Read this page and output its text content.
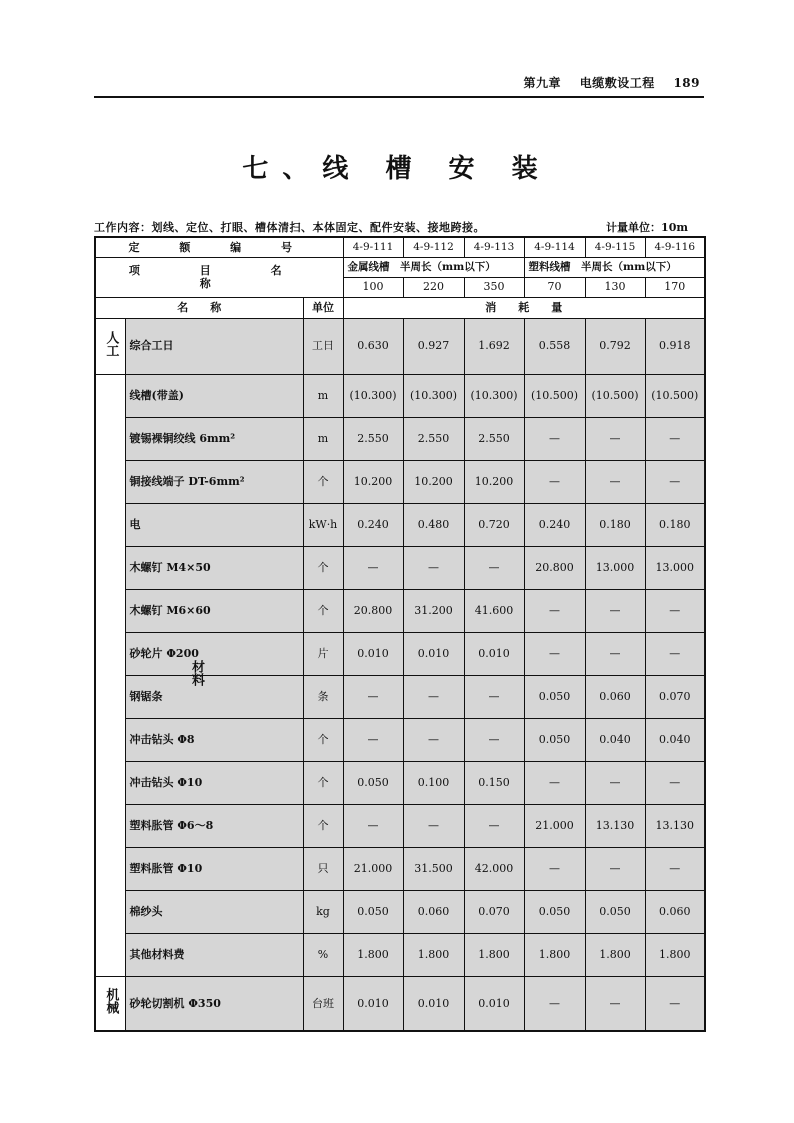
第九章 电缆敷设工程 189
七、线 槽 安 装
工作内容：划线、定位、打眼、槽体清扫、本体固定、配件安装、接地跨接。	计量单位：10m
定 额 编 号			4-9-111	4-9-112	4-9-113	4-9-114	4-9-115	4-9-116
项 目 名 称			金属线槽　半周长（mm以下）			塑料线槽　半周长（mm以下）		
			100	220	350	70	130	170
名　　称		单位	消　　耗　　量					
人工	综合工日	工日	0.630	0.927	1.692	0.558	0.792	0.918
材料	线槽(带盖)	m	(10.300)	(10.300)	(10.300)	(10.500)	(10.500)	(10.500)
	镀锡裸铜绞线 6mm²	m	2.550	2.550	2.550	—	—	—
	铜接线端子 DT-6mm²	个	10.200	10.200	10.200	—	—	—
	电	kW·h	0.240	0.480	0.720	0.240	0.180	0.180
	木螺钉 M4×50	个	—	—	—	20.800	13.000	13.000
	木螺钉 M6×60	个	20.800	31.200	41.600	—	—	—
	砂轮片 Φ200	片	0.010	0.010	0.010	—	—	—
	钢锯条	条	—	—	—	0.050	0.060	0.070
	冲击钻头 Φ8	个	—	—	—	0.050	0.040	0.040
	冲击钻头 Φ10	个	0.050	0.100	0.150	—	—	—
	塑料胀管 Φ6～8	个	—	—	—	21.000	13.130	13.130
	塑料胀管 Φ10	只	21.000	31.500	42.000	—	—	—
	棉纱头	kg	0.050	0.060	0.070	0.050	0.050	0.060
	其他材料费	%	1.800	1.800	1.800	1.800	1.800	1.800
机械	砂轮切割机 Φ350	台班	0.010	0.010	0.010	—	—	—
